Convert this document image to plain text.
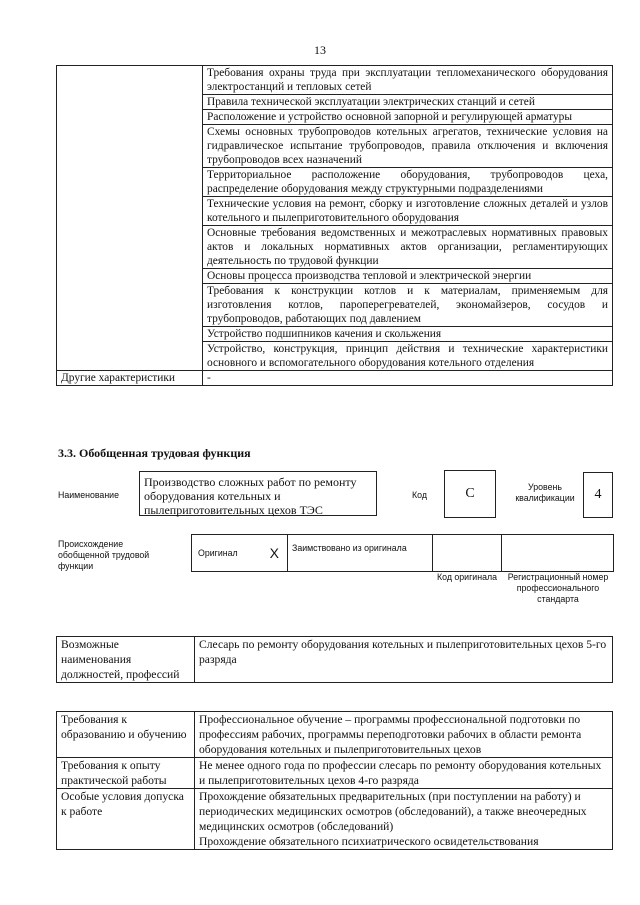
13
	Требования охраны труда при эксплуатации тепломеханического оборудования электростанций и тепловых сетей
	Правила технической эксплуатации электрических станций и сетей
	Расположение и устройство основной запорной и регулирующей арматуры
	Схемы основных трубопроводов котельных агрегатов, технические условия на гидравлическое испытание трубопроводов, правила отключения и включения трубопроводов всех назначений
	Территориальное расположение оборудования, трубопроводов цеха, распределение оборудования между структурными подразделениями
	Технические условия на ремонт, сборку и изготовление сложных деталей и узлов котельного и пылеприготовительного оборудования
	Основные требования ведомственных и межотраслевых нормативных правовых актов и локальных нормативных актов организации, регламентирующих деятельность по трудовой функции
	Основы процесса производства тепловой и электрической энергии
	Требования к конструкции котлов и к материалам, применяемым для изготовления котлов, пароперегревателей, экономайзеров, сосудов и трубопроводов, работающих под давлением
	Устройство подшипников качения и скольжения
	Устройство, конструкция, принцип действия и технические характеристики основного и вспомогательного оборудования котельного отделения
Другие характеристики	-
3.3. Обобщенная трудовая функция
Наименование
Производство сложных работ по ремонту оборудования котельных и пылеприготовительных цехов ТЭС
Код	C	Уровень квалификации	4
Происхождение обобщенной трудовой функции
Оригинал X	Заимствовано из оригинала

Код оригинала	Регистрационный номер профессионального стандарта
Возможные наименования должностей, профессий	Слесарь по ремонту оборудования котельных и пылеприготовительных цехов 5-го разряда
Требования к образованию и обучению	Профессиональное обучение – программы профессиональной подготовки по профессиям рабочих, программы переподготовки рабочих в области ремонта оборудования котельных и пылеприготовительных цехов
Требования к опыту практической работы	Не менее одного года по профессии слесарь по ремонту оборудования котельных и пылеприготовительных цехов 4-го разряда
Особые условия допуска к работе	Прохождение обязательных предварительных (при поступлении на работу) и периодических медицинских осмотров (обследований), а также внеочередных медицинских осмотров (обследований)
Прохождение обязательного психиатрического освидетельствования
